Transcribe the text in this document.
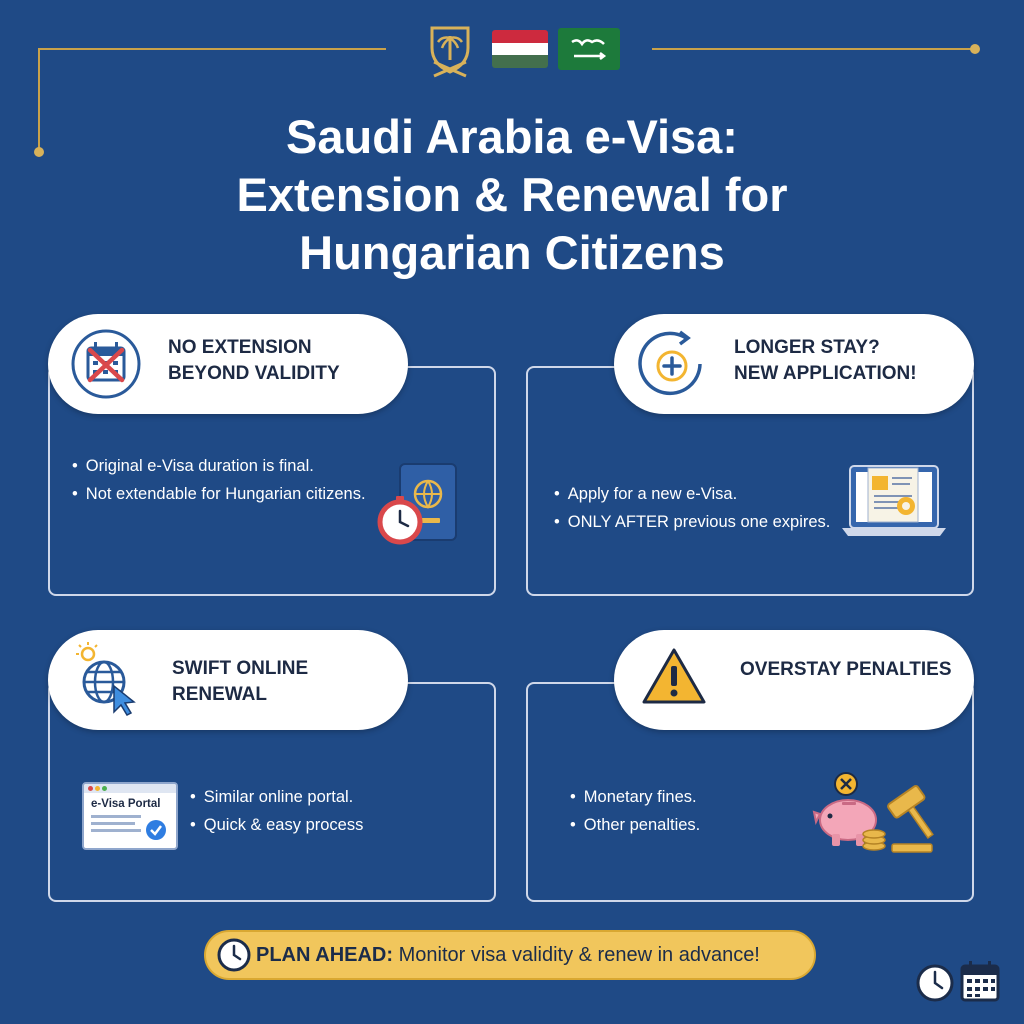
Saudi Arabia e-Visa:
Extension & Renewal for
Hungarian Citizens
NO EXTENSION
BEYOND VALIDITY
• Original e-Visa duration is final.
• Not extendable for Hungarian citizens.
LONGER STAY?
NEW APPLICATION!
• Apply for a new e-Visa.
• ONLY AFTER previous one expires.
SWIFT ONLINE
RENEWAL
e-Visa Portal
•	Similar online portal.
• Quick & easy process
OVERSTAY PENALTIES
• Monetary fines.
• Other penalties.
PLAN AHEAD: Monitor visa validity & renew in advance!
